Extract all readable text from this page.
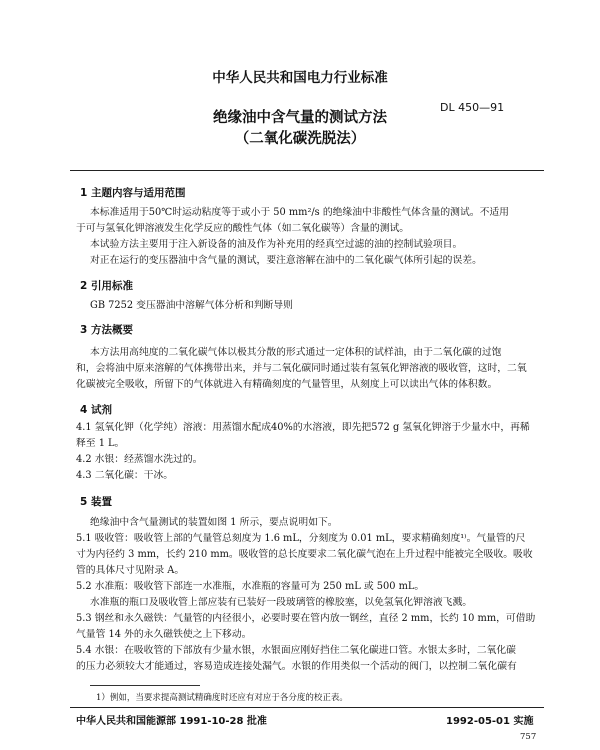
中华人民共和国电力行业标准
绝缘油中含气量的测试方法
（二氧化碳洗脱法）
DL 450—91
1 主题内容与适用范围
本标准适用于50℃时运动粘度等于或小于 50 mm²/s 的绝缘油中非酸性气体含量的测试。不适用
于可与氢氧化钾溶液发生化学反应的酸性气体（如二氧化碳等）含量的测试。
本试验方法主要用于注入新设备的油及作为补充用的经真空过滤的油的控制试验项目。
对正在运行的变压器油中含气量的测试，要注意溶解在油中的二氧化碳气体所引起的误差。
2 引用标准
GB 7252 变压器油中溶解气体分析和判断导则
3 方法概要
本方法用高纯度的二氧化碳气体以极其分散的形式通过一定体积的试样油，由于二氧化碳的过饱
和，会将油中原来溶解的气体携带出来，并与二氧化碳同时通过装有氢氧化钾溶液的吸收管，这时，二氧
化碳被完全吸收，所留下的气体就进入有精确刻度的气量管里，从刻度上可以读出气体的体积数。
4 试剂
4.1 氢氧化钾（化学纯）溶液：用蒸馏水配成40%的水溶液，即先把572 g 氢氧化钾溶于少量水中，再稀
释至 1 L。
4.2 水银：经蒸馏水洗过的。
4.3 二氧化碳：干冰。
5 装置
绝缘油中含气量测试的装置如图 1 所示，要点说明如下。
5.1 吸收管：吸收管上部的气量管总刻度为 1.6 mL，分刻度为 0.01 mL，要求精确刻度¹⁾。气量管的尺
寸为内径约 3 mm，长约 210 mm。吸收管的总长度要求二氧化碳气泡在上升过程中能被完全吸收。吸收
管的具体尺寸见附录 A。
5.2 水准瓶：吸收管下部连一水准瓶，水准瓶的容量可为 250 mL 或 500 mL。
水准瓶的瓶口及吸收管上部应装有已装好一段玻璃管的橡胶塞，以免氢氧化钾溶液飞溅。
5.3 钢丝和永久磁铁：气量管的内径很小，必要时要在管内放一钢丝，直径 2 mm，长约 10 mm，可借助
气量管 14 外的永久磁铁使之上下移动。
5.4 水银：在吸收管的下部放有少量水银，水银面应刚好挡住二氧化碳进口管。水银太多时，二氧化碳
的压力必须较大才能通过，容易造成连接处漏气。水银的作用类似一个活动的阀门，以控制二氧化碳有
1）例如，当要求提高测试精确度时还应有对应于各分度的校正表。
中华人民共和国能源部 1991-10-28 批准	1992-05-01 实施
757
